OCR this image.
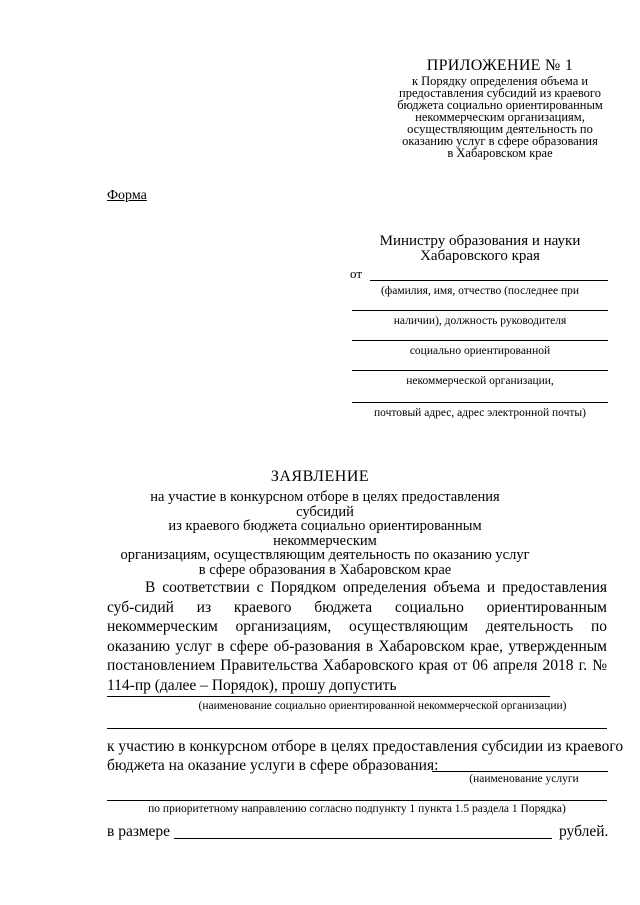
ПРИЛОЖЕНИЕ № 1
к Порядку определения объема и
предоставления субсидий из краевого
бюджета социально ориентированным
некоммерческим организациям,
осуществляющим деятельность по
оказанию услуг в сфере образования
в Хабаровском крае
Форма
Министру образования и науки
Хабаровского края
от
(фамилия, имя, отчество (последнее при
наличии), должность руководителя
социально ориентированной
некоммерческой организации,
почтовый адрес, адрес электронной почты)
ЗАЯВЛЕНИЕ
на участие в конкурсном отборе в целях предоставления субсидий
из краевого бюджета социально ориентированным некоммерческим
организациям, осуществляющим деятельность по оказанию услуг
в сфере образования в Хабаровском крае
В соответствии с Порядком определения объема и предоставления суб-сидий из краевого бюджета социально ориентированным некоммерческим организациям, осуществляющим деятельность по оказанию услуг в сфере об-разования в Хабаровском крае, утвержденным постановлением Правительства Хабаровского края от 06 апреля 2018 г. № 114-пр (далее – Порядок), прошу допустить
(наименование социально ориентированной некоммерческой организации)
к участию в конкурсном отборе в целях предоставления субсидии из краевого
бюджета на оказание услуги в сфере образования:
(наименование услуги
по приоритетному направлению согласно подпункту 1 пункта 1.5 раздела 1 Порядка)
в размере	рублей.
